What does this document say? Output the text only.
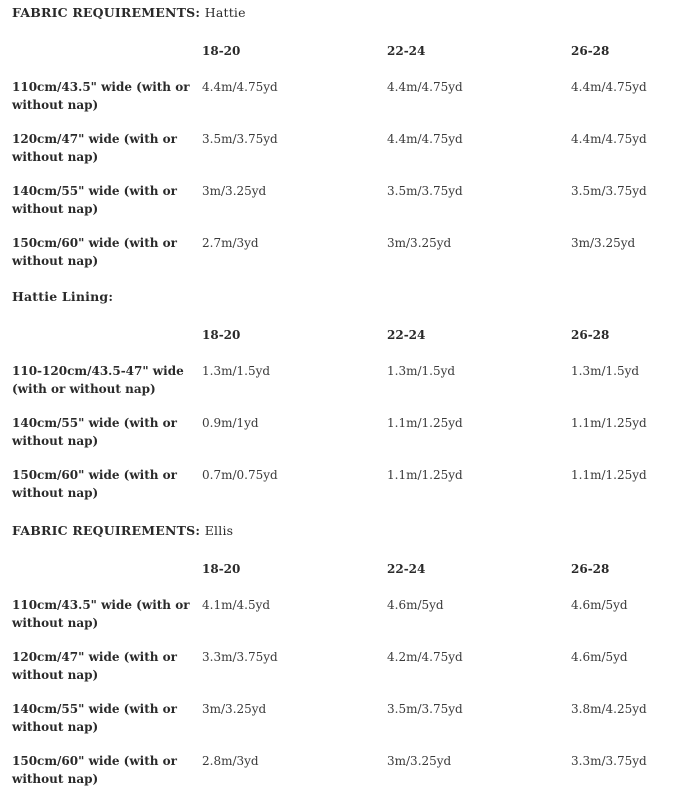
FABRIC REQUIREMENTS: Hattie
	18-20	22-24	26-28
110cm/43.5" wide (with or without nap)	4.4m/4.75yd	4.4m/4.75yd	4.4m/4.75yd
120cm/47" wide (with or without nap)	3.5m/3.75yd	4.4m/4.75yd	4.4m/4.75yd
140cm/55" wide (with or without nap)	3m/3.25yd	3.5m/3.75yd	3.5m/3.75yd
150cm/60" wide (with or without nap)	2.7m/3yd	3m/3.25yd	3m/3.25yd
Hattie Lining:
	18-20	22-24	26-28
110-120cm/43.5-47" wide (with or without nap)	1.3m/1.5yd	1.3m/1.5yd	1.3m/1.5yd
140cm/55" wide (with or without nap)	0.9m/1yd	1.1m/1.25yd	1.1m/1.25yd
150cm/60" wide (with or without nap)	0.7m/0.75yd	1.1m/1.25yd	1.1m/1.25yd
FABRIC REQUIREMENTS: Ellis
	18-20	22-24	26-28
110cm/43.5" wide (with or without nap)	4.1m/4.5yd	4.6m/5yd	4.6m/5yd
120cm/47" wide (with or without nap)	3.3m/3.75yd	4.2m/4.75yd	4.6m/5yd
140cm/55" wide (with or without nap)	3m/3.25yd	3.5m/3.75yd	3.8m/4.25yd
150cm/60" wide (with or without nap)	2.8m/3yd	3m/3.25yd	3.3m/3.75yd
